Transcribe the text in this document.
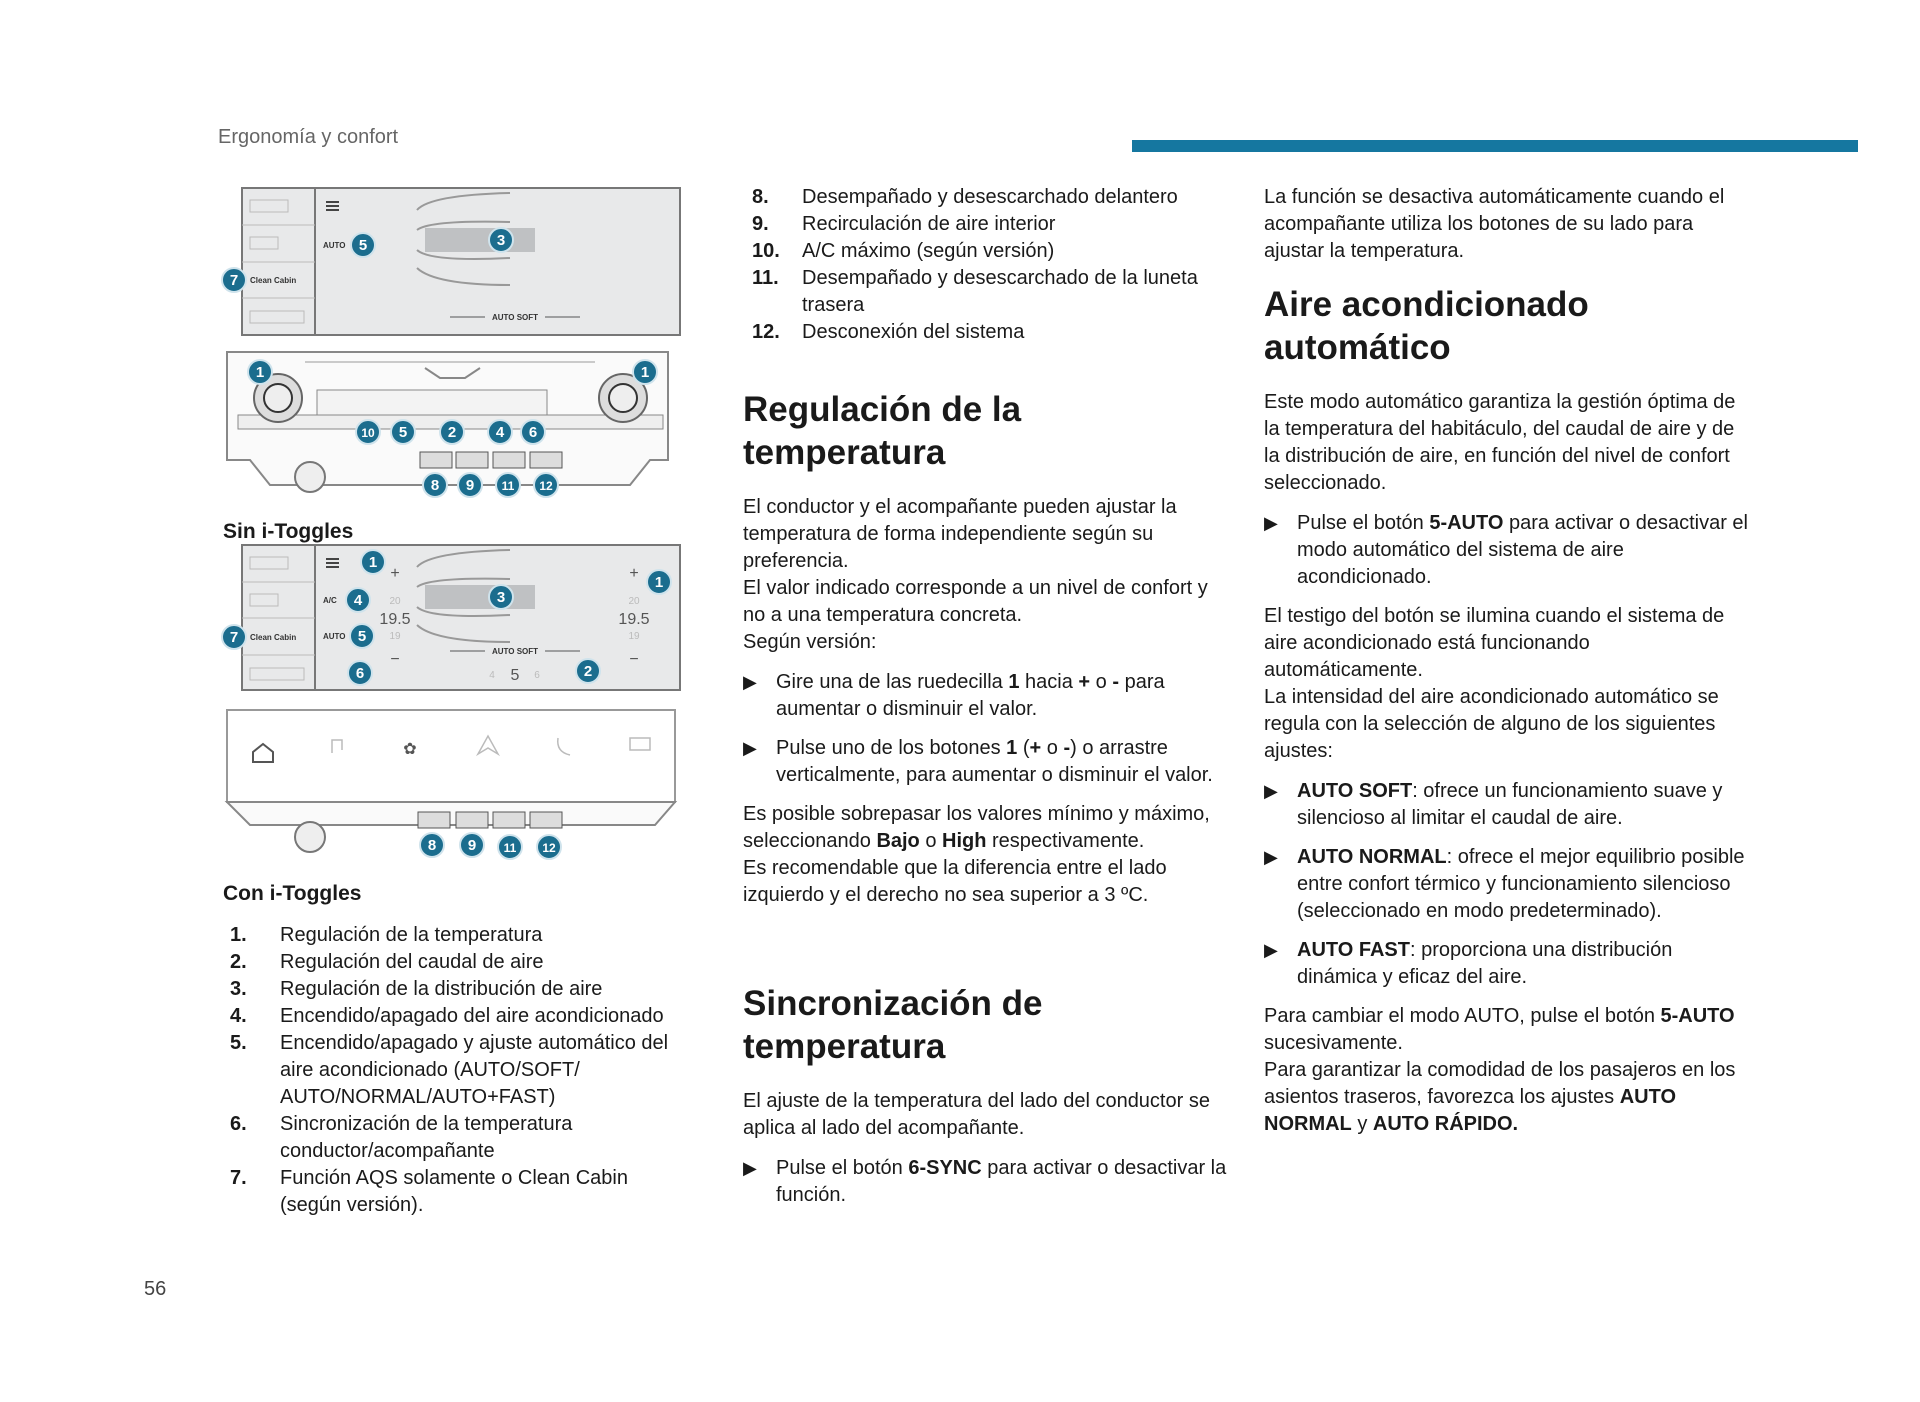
Ergonomía y confort
AUTO
Clean Cabin
AUTO SOFT
5	3
7
1	1
10 5	2	4 6
8 9 11 12
Sin i-Toggles
A/C
AUTO
Clean Cabin
AUTO SOFT
20
19.5
19
20
19.5
19
+	+
−	−
4 5 6
✿
1
1
4	3
5
7
6	2
8 9 11 12
Con i-Toggles
1.	Regulación de la temperatura
2.	Regulación del caudal de aire
3.	Regulación de la distribución de aire
4.	Encendido/apagado del aire acondicionado
5.	Encendido/apagado y ajuste automático del aire acondicionado (AUTO/SOFT/ AUTO/NORMAL/AUTO+FAST)
6.	Sincronización de la temperatura conductor/acompañante
7.	Función AQS solamente o Clean Cabin (según versión).
8.	Desempañado y desescarchado delantero
9.	Recirculación de aire interior
10.	A/C máximo (según versión)
11.	Desempañado y desescarchado de la luneta trasera
12.	Desconexión del sistema
Regulación de la temperatura
El conductor y el acompañante pueden ajustar la temperatura de forma independiente según su preferencia.
El valor indicado corresponde a un nivel de confort y no a una temperatura concreta.
Según versión:
▶ Gire una de las ruedecilla 1 hacia + o - para aumentar o disminuir el valor.
▶ Pulse uno de los botones 1 (+ o -) o arrastre verticalmente, para aumentar o disminuir el valor.
Es posible sobrepasar los valores mínimo y máximo, seleccionando Bajo o High respectivamente.
Es recomendable que la diferencia entre el lado izquierdo y el derecho no sea superior a 3 ºC.
Sincronización de temperatura
El ajuste de la temperatura del lado del conductor se aplica al lado del acompañante.
▶ Pulse el botón 6-SYNC para activar o desactivar la función.
La función se desactiva automáticamente cuando el acompañante utiliza los botones de su lado para ajustar la temperatura.
Aire acondicionado automático
Este modo automático garantiza la gestión óptima de la temperatura del habitáculo, del caudal de aire y de la distribución de aire, en función del nivel de confort seleccionado.
▶ Pulse el botón 5-AUTO para activar o desactivar el modo automático del sistema de aire acondicionado.
El testigo del botón se ilumina cuando el sistema de aire acondicionado está funcionando automáticamente.
La intensidad del aire acondicionado automático se regula con la selección de alguno de los siguientes ajustes:
▶ AUTO SOFT: ofrece un funcionamiento suave y silencioso al limitar el caudal de aire.
▶ AUTO NORMAL: ofrece el mejor equilibrio posible entre confort térmico y funcionamiento silencioso (seleccionado en modo predeterminado).
▶ AUTO FAST: proporciona una distribución dinámica y eficaz del aire.
Para cambiar el modo AUTO, pulse el botón 5-AUTO sucesivamente.
Para garantizar la comodidad de los pasajeros en los asientos traseros, favorezca los ajustes AUTO NORMAL y AUTO RÁPIDO.
56
